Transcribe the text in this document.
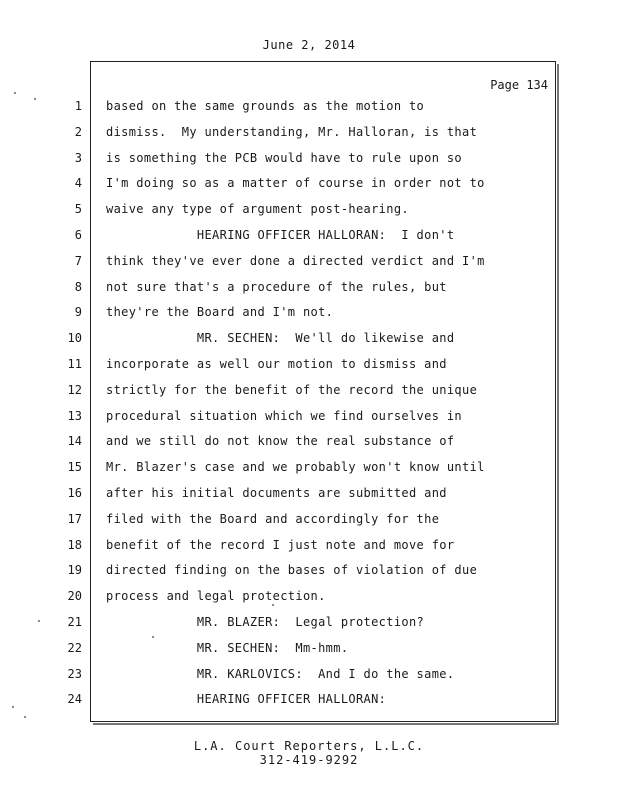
June 2, 2014
Page 134
1 based on the same grounds as the motion to
2 dismiss.  My understanding, Mr. Halloran, is that
3 is something the PCB would have to rule upon so
4 I'm doing so as a matter of course in order not to
5 waive any type of argument post-hearing.
6 HEARING OFFICER HALLORAN:  I don't
7 think they've ever done a directed verdict and I'm
8 not sure that's a procedure of the rules, but
9 they're the Board and I'm not.
10 MR. SECHEN:  We'll do likewise and
11 incorporate as well our motion to dismiss and
12 strictly for the benefit of the record the unique
13 procedural situation which we find ourselves in
14 and we still do not know the real substance of
15 Mr. Blazer's case and we probably won't know until
16 after his initial documents are submitted and
17 filed with the Board and accordingly for the
18 benefit of the record I just note and move for
19 directed finding on the bases of violation of due
20 process and legal protection.
21 MR. BLAZER:  Legal protection?
22 MR. SECHEN:  Mm-hmm.
23 MR. KARLOVICS:  And I do the same.
24 HEARING OFFICER HALLORAN:
L.A. Court Reporters, L.L.C.
312-419-9292
